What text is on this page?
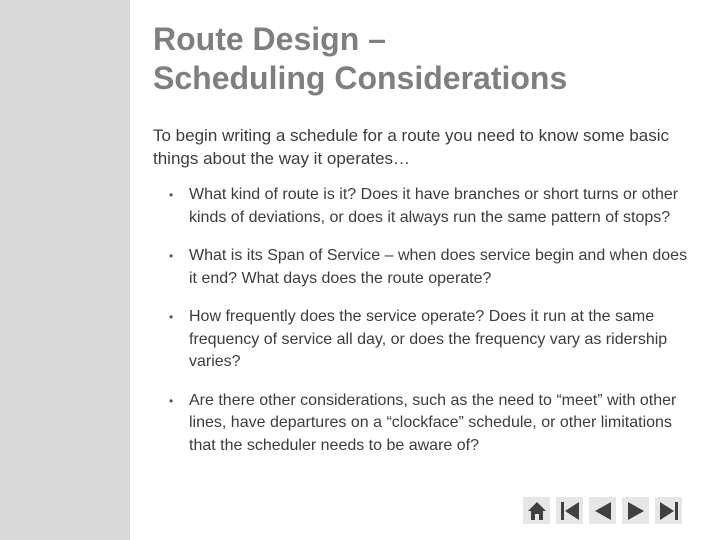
Route Design –
Scheduling Considerations

To begin writing a schedule for a route you need to know some basic things about the way it operates…

• What kind of route is it? Does it have branches or short turns or other kinds of deviations, or does it always run the same pattern of stops?
• What is its Span of Service – when does service begin and when does it end? What days does the route operate?
• How frequently does the service operate? Does it run at the same frequency of service all day, or does the frequency vary as ridership varies?
• Are there other considerations, such as the need to “meet” with other lines, have departures on a “clockface” schedule, or other limitations that the scheduler needs to be aware of?
